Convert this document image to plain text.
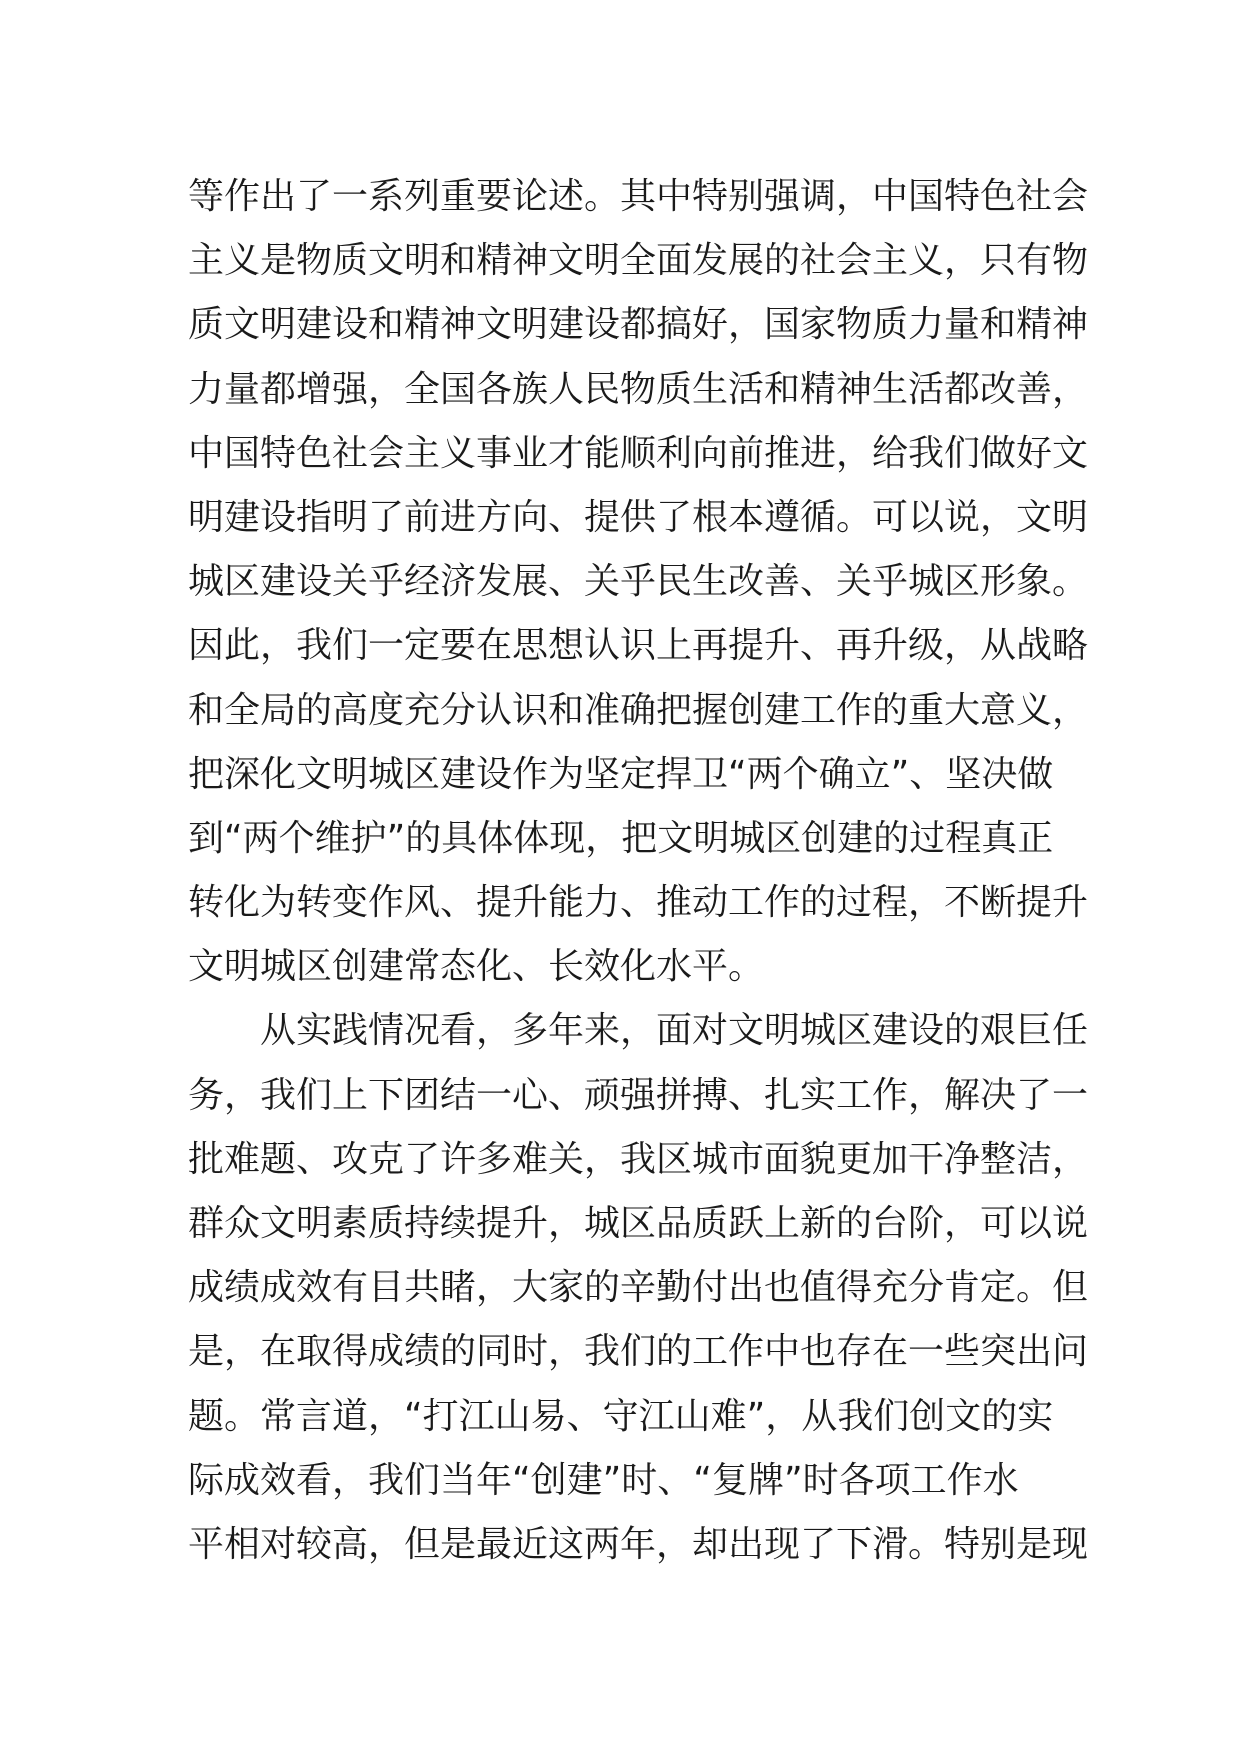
等作出了一系列重要论述。其中特别强调，中国特色社会
主义是物质文明和精神文明全面发展的社会主义，只有物
质文明建设和精神文明建设都搞好，国家物质力量和精神
力量都增强，全国各族人民物质生活和精神生活都改善，
中国特色社会主义事业才能顺利向前推进，给我们做好文
明建设指明了前进方向、提供了根本遵循。可以说，文明
城区建设关乎经济发展、关乎民生改善、关乎城区形象。
因此，我们一定要在思想认识上再提升、再升级，从战略
和全局的高度充分认识和准确把握创建工作的重大意义，
把深化文明城区建设作为坚定捍卫“两个确立”、坚决做
到“两个维护”的具体体现，把文明城区创建的过程真正
转化为转变作风、提升能力、推动工作的过程，不断提升
文明城区创建常态化、长效化水平。
　　从实践情况看，多年来，面对文明城区建设的艰巨任
务，我们上下团结一心、顽强拼搏、扎实工作，解决了一
批难题、攻克了许多难关，我区城市面貌更加干净整洁，
群众文明素质持续提升，城区品质跃上新的台阶，可以说
成绩成效有目共睹，大家的辛勤付出也值得充分肯定。但
是，在取得成绩的同时，我们的工作中也存在一些突出问
题。常言道，“打江山易、守江山难”，从我们创文的实
际成效看，我们当年“创建”时、“复牌”时各项工作水
平相对较高，但是最近这两年，却出现了下滑。特别是现
